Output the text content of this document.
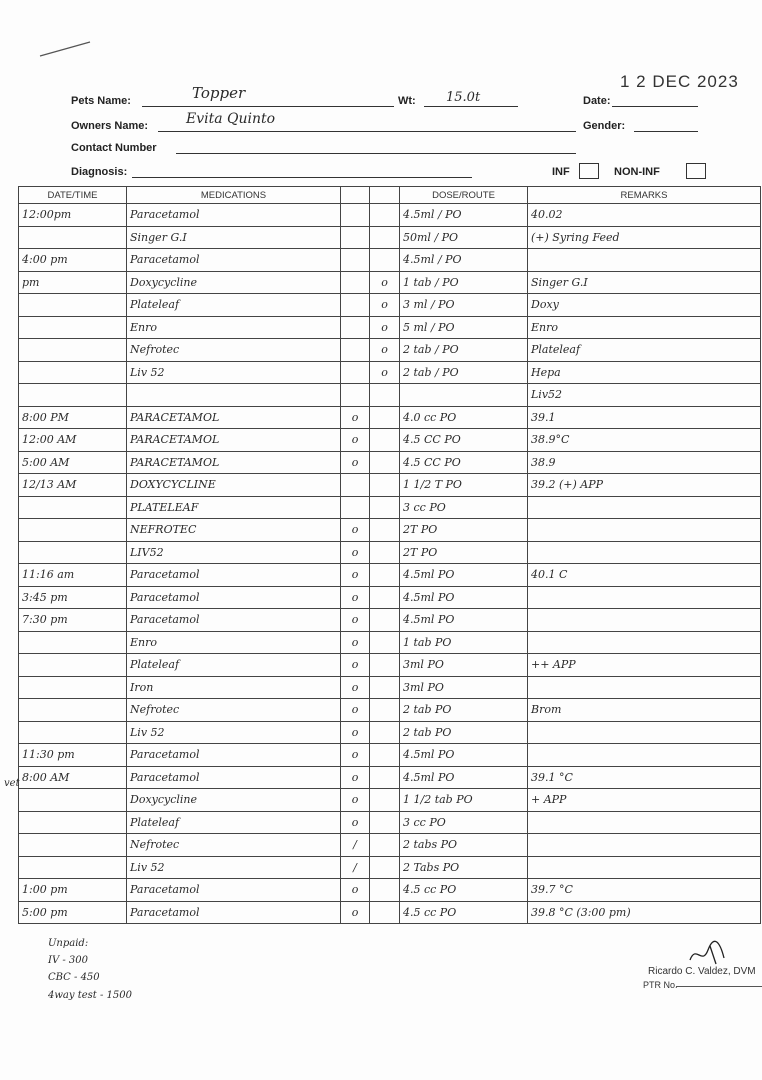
Pets Name:	Topper	Wt: 15.0t
1 2 DEC 2023
Date:
Owners Name:	Evita Quinto	Gender:
Contact Number
Diagnosis:	INF	NON-INF
DATE/TIME	MEDICATIONS			DOSE/ROUTE	REMARKS
12:00pm	Paracetamol			4.5ml / PO	40.02
	Singer G.I			50ml / PO	(+) Syring Feed
4:00 pm	Paracetamol			4.5ml / PO	
pm	Doxycycline		o	1 tab / PO	Singer G.I
	Plateleaf		o	3 ml / PO	Doxy
	Enro		o	5 ml / PO	Enro
	Nefrotec		o	2 tab / PO	Plateleaf
	Liv 52		o	2 tab / PO	Hepa
					Liv52
8:00 PM	PARACETAMOL	o		4.0 cc PO	39.1
12:00 AM	PARACETAMOL	o		4.5 CC PO	38.9°C
5:00 AM	PARACETAMOL	o		4.5 CC PO	38.9
12/13 AM	DOXYCYCLINE			1 1/2 T PO	39.2 (+) APP
	PLATELEAF			3 cc PO	
	NEFROTEC	o		2T PO	
	LIV52	o		2T PO	
11:16 am	Paracetamol	o		4.5ml PO	40.1 C
3:45 pm	Paracetamol	o		4.5ml PO	
7:30 pm	Paracetamol	o		4.5ml PO	
	Enro	o		1 tab PO	
	Plateleaf	o		3ml PO	++ APP
	Iron	o		3ml PO	
	Nefrotec	o		2 tab PO	Brom
	Liv 52	o		2 tab PO	
11:30 pm	Paracetamol	o		4.5ml PO	
8:00 AM	Paracetamol	o		4.5ml PO	39.1 °C
	Doxycycline	o		1 1/2 tab PO	+ APP
	Plateleaf	o		3 cc PO	
	Nefrotec	/		2 tabs PO	
	Liv 52	/		2 Tabs PO	
1:00 pm	Paracetamol	o		4.5 cc PO	39.7 °C
5:00 pm	Paracetamol	o		4.5 cc PO	39.8 °C (3:00 pm)
vet
Unpaid:
IV - 300
CBC - 450
4way test - 1500
Ricardo C. Valdez, DVM
PTR No.
